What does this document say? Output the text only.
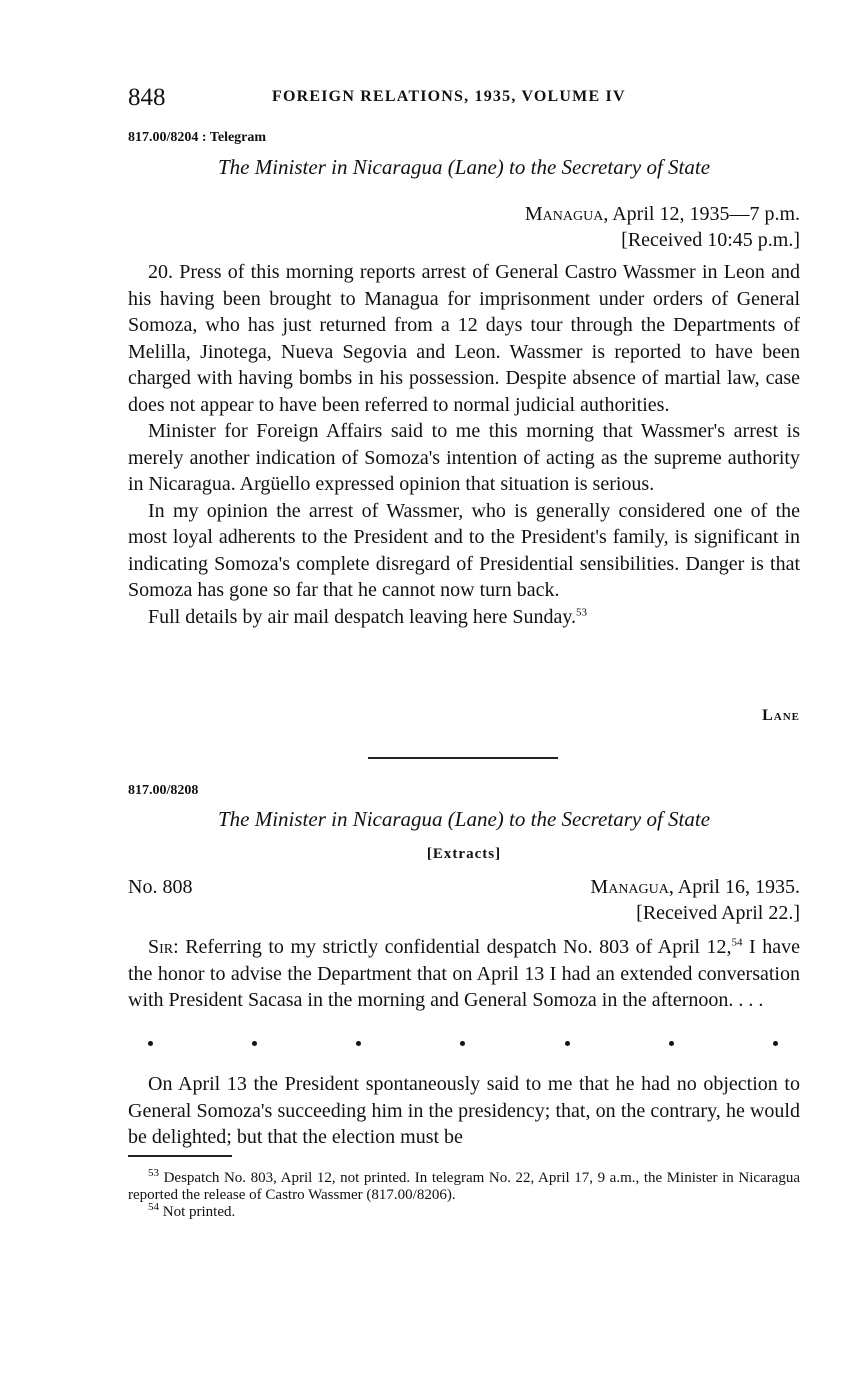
848	FOREIGN RELATIONS, 1935, VOLUME IV
817.00/8204 : Telegram
The Minister in Nicaragua (Lane) to the Secretary of State
Managua, April 12, 1935—7 p.m.
[Received 10:45 p.m.]

20. Press of this morning reports arrest of General Castro Wassmer in Leon and his having been brought to Managua for imprisonment under orders of General Somoza, who has just returned from a 12 days tour through the Departments of Melilla, Jinotega, Nueva Segovia and Leon. Wassmer is reported to have been charged with having bombs in his possession. Despite absence of martial law, case does not appear to have been referred to normal judicial authorities.

Minister for Foreign Affairs said to me this morning that Wassmer's arrest is merely another indication of Somoza's intention of acting as the supreme authority in Nicaragua. Argüello expressed opinion that situation is serious.

In my opinion the arrest of Wassmer, who is generally considered one of the most loyal adherents to the President and to the President's family, is significant in indicating Somoza's complete disregard of Presidential sensibilities. Danger is that Somoza has gone so far that he cannot now turn back.

Full details by air mail despatch leaving here Sunday.$^{53}$

Lane
817.00/8208
The Minister in Nicaragua (Lane) to the Secretary of State
[Extracts]
No. 808	Managua, April 16, 1935.
[Received April 22.]

Sir: Referring to my strictly confidential despatch No. 803 of April 12,54 I have the honor to advise the Department that on April 13 I had an extended conversation with President Sacasa in the morning and General Somoza in the afternoon. . . .

On April 13 the President spontaneously said to me that he had no objection to General Somoza's succeeding him in the presidency; that, on the contrary, he would be delighted; but that the election must be

$^{53}$ Despatch No. 803, April 12, not printed. In telegram No. 22, April 17, 9 a.m., the Minister in Nicaragua reported the release of Castro Wassmer (817.00/8206).

$^{54}$ Not printed.
